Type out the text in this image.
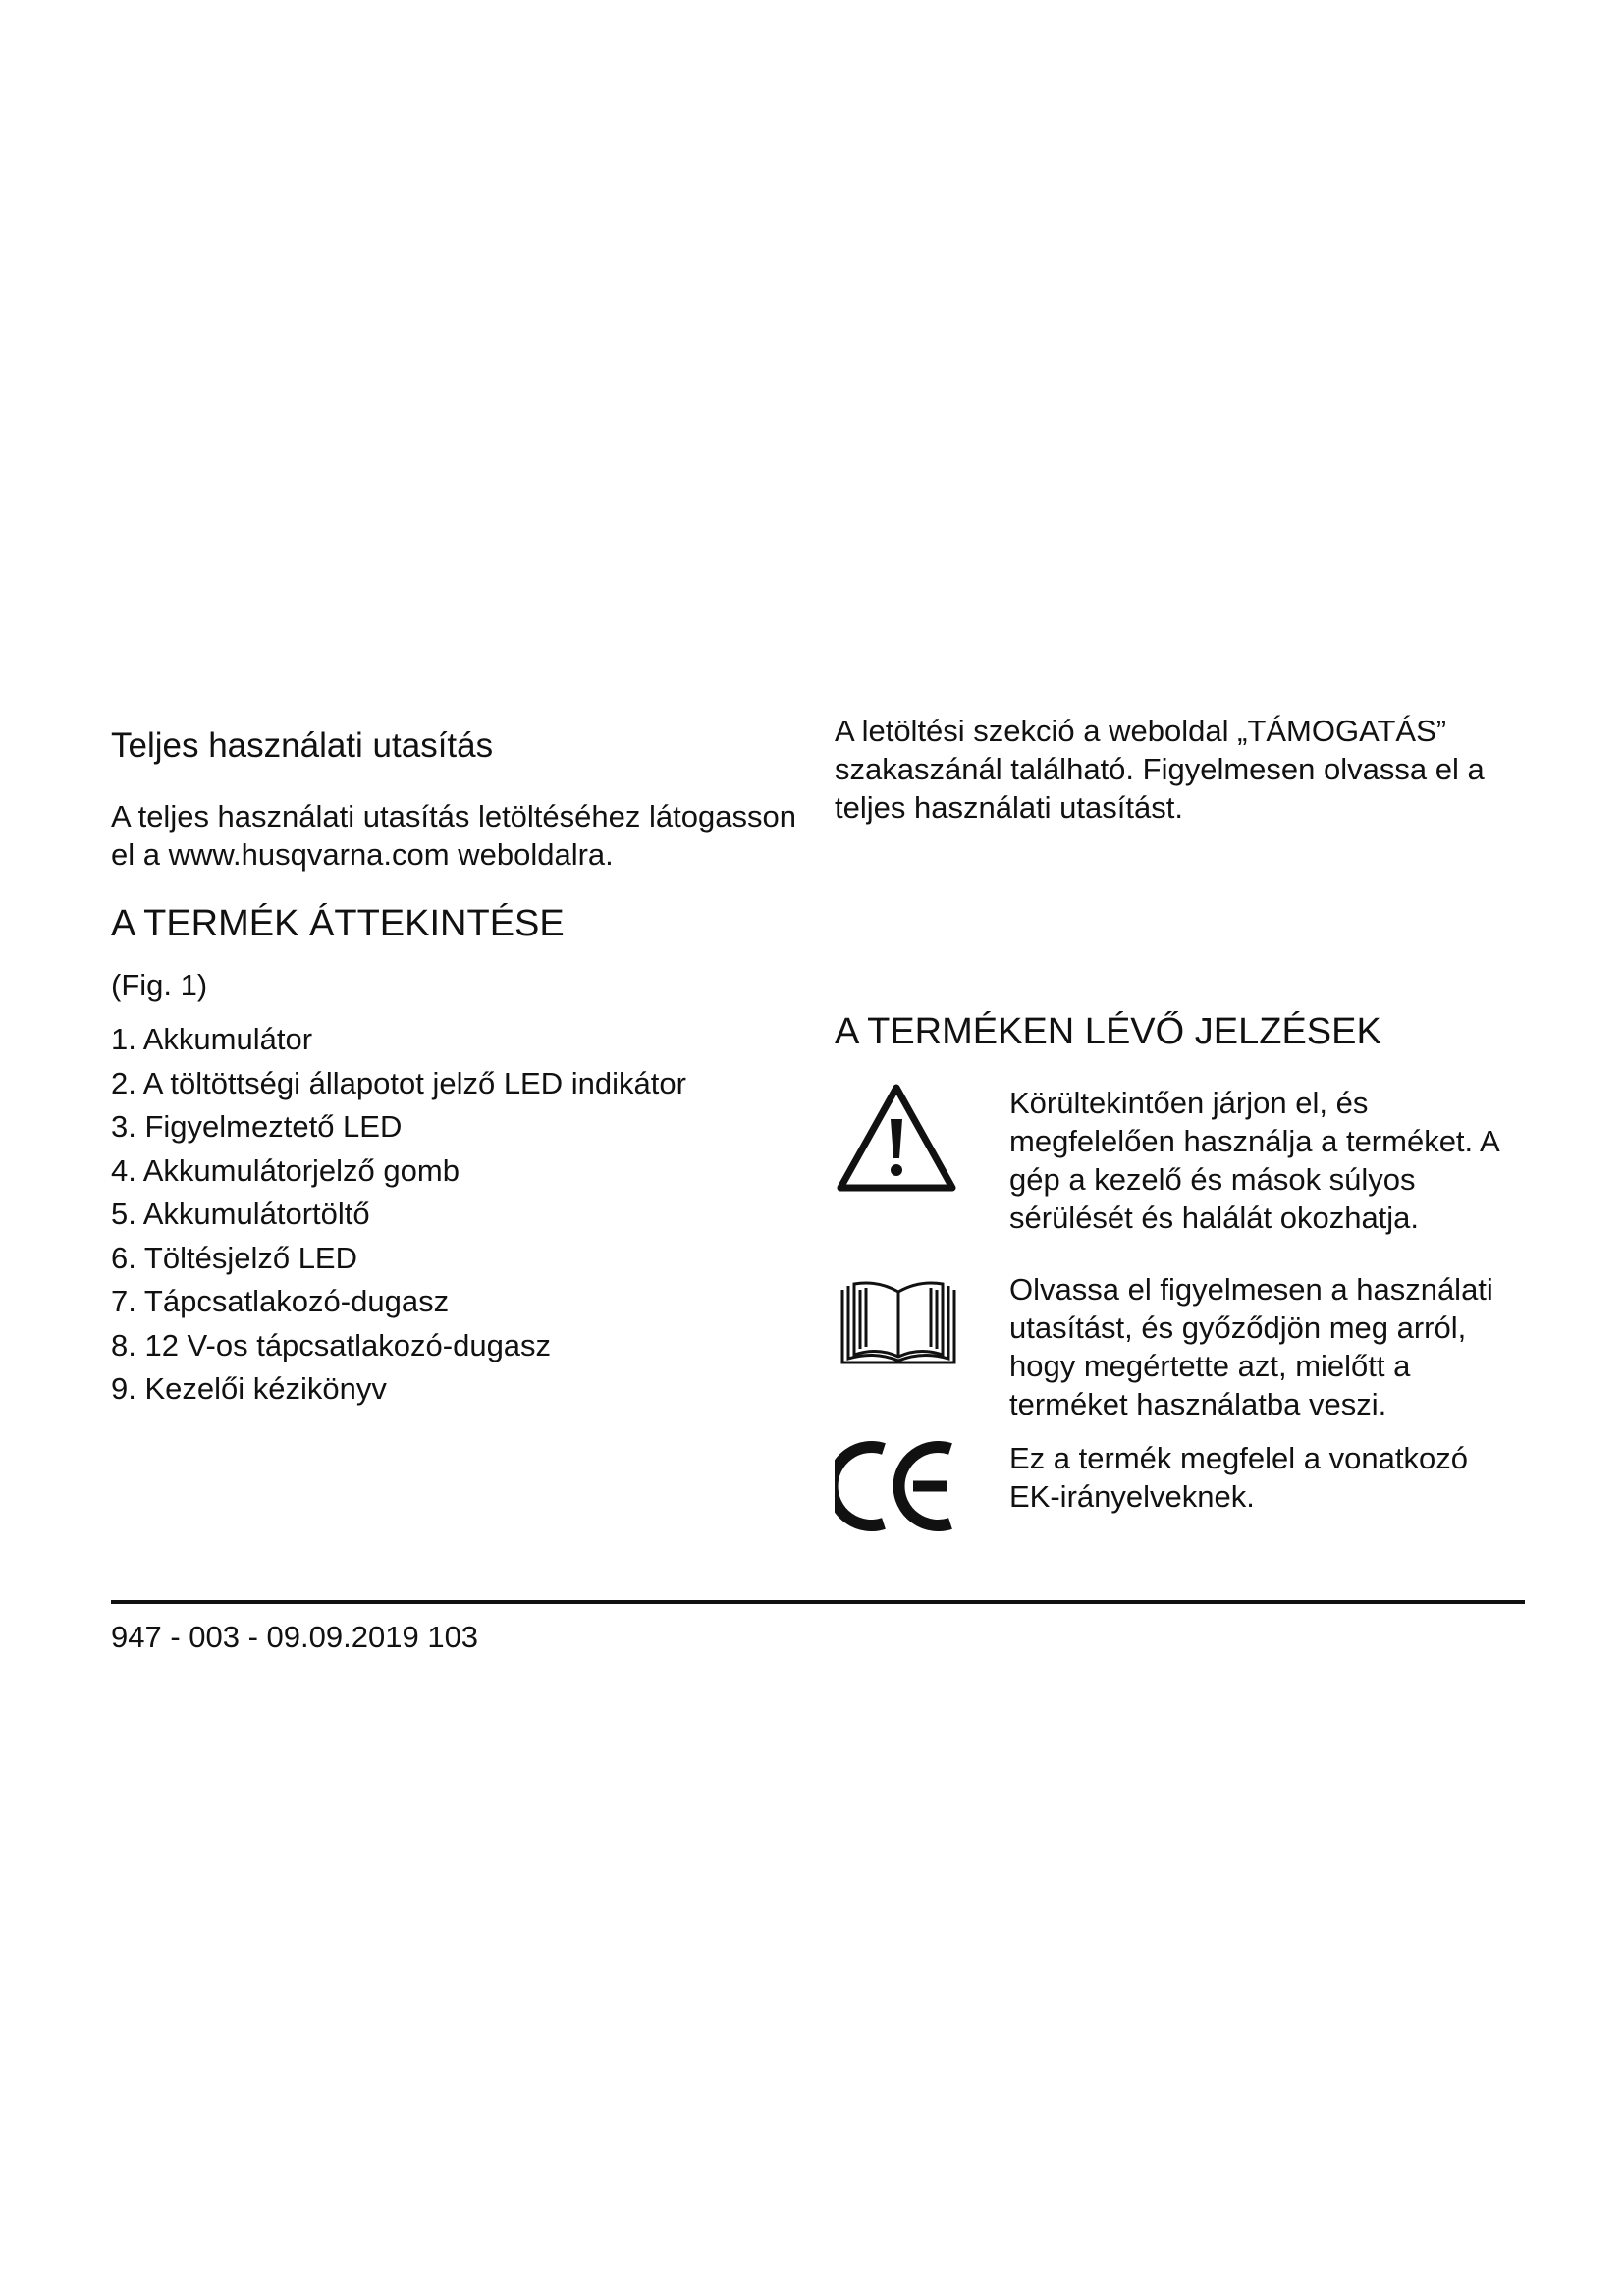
Teljes használati utasítás

A teljes használati utasítás letöltéséhez látogasson el a www.husqvarna.com weboldalra.

A TERMÉK ÁTTEKINTÉSE

(Fig. 1)

1. Akkumulátor
2. A töltöttségi állapotot jelző LED indikátor
3. Figyelmeztető LED
4. Akkumulátorjelző gomb
5. Akkumulátortöltő
6. Töltésjelző LED
7. Tápcsatlakozó-dugasz
8. 12 V-os tápcsatlakozó-dugasz
9. Kezelői kézikönyv

A letöltési szekció a weboldal „TÁMOGATÁS” szakaszánál található. Figyelmesen olvassa el a teljes használati utasítást.

A TERMÉKEN LÉVŐ JELZÉSEK
Körültekintően járjon el, és megfelelően használja a terméket. A gép a kezelő és mások súlyos sérülését és halálát okozhatja.
Olvassa el figyelmesen a használati utasítást, és győződjön meg arról, hogy megértette azt, mielőtt a terméket használatba veszi.
Ez a termék megfelel a vonatkozó EK-irányelveknek.
947 - 003 - 09.09.2019 103
